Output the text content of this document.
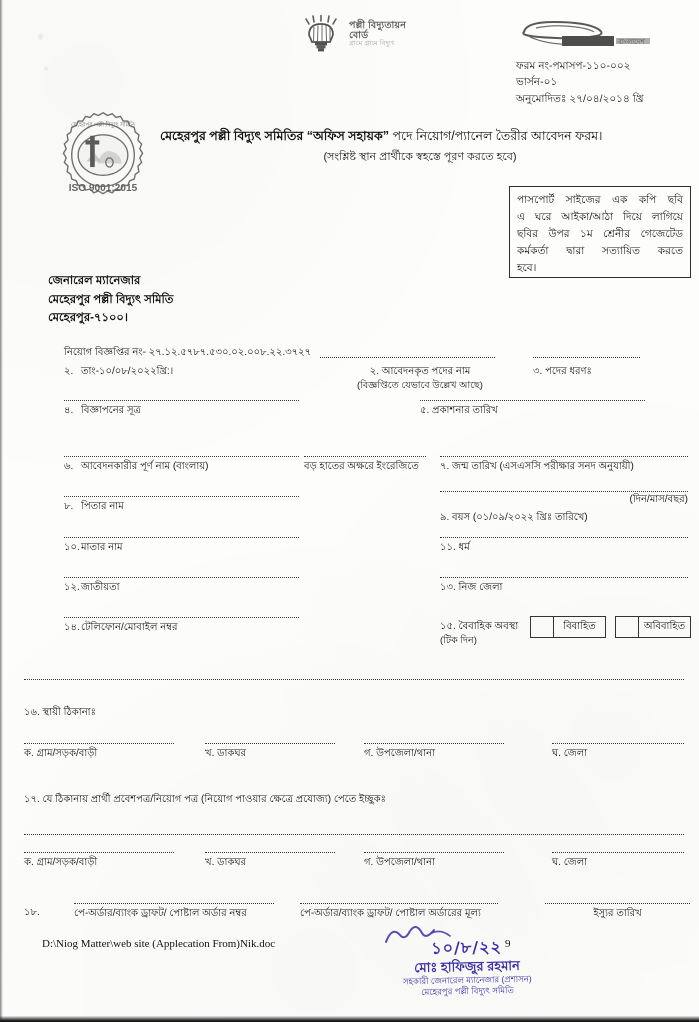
পল্লী বিদ্যুতায়ন
বোর্ড
গ্রামে গ্রামে বিদ্যুৎ	বাংলাদেশ
ফরম নং-পমাসপ-১১০-০০২
ভার্সন-০১
অনুমোদিতঃ ২৭/০৪/২০১৪ খ্রি
মেহেরপুর পল্লী বিদ্যুৎ সমিতি
ISO 9001:2015
মেহেরপুর পল্লী বিদ্যুৎ সমিতির “অফিস সহায়ক” পদে নিয়োগ/প্যানেল তৈরীর আবেদন ফরম।
(সংশ্লিষ্ট স্থান প্রার্থীকে স্বহস্তে পূরণ করতে হবে)
পাসপোর্ট সাইজের এক কপি ছবি
এ ঘরে আইকা/আঠা দিয়ে লাগিয়ে
ছবির উপর ১ম শ্রেনীর গেজেটেড
কর্মকর্তা দ্বারা সত্যায়িত করতে
হবে।
জেনারেল ম্যানেজার
মেহেরপুর পল্লী বিদ্যুৎ সমিতি
মেহেরপুর-৭১০০।
নিয়োগ বিজ্ঞপ্তির নং- ২৭.১২.৫৭৮৭.৫৩০.০২.০০৮.২২.৩৭২৭
২. তাং-১০/০৮/২০২২খ্রি:।	২. আবেদনকৃত পদের নাম
(বিজ্ঞপ্তিতে যেভাবে উল্লেখ আছে)
৩. পদের ধরণঃ
৪. বিজ্ঞাপনের সূত্র	৫. প্রকাশনার তারিখ
৬. আবেদনকারীর পূর্ণ নাম (বাংলায়)	বড় হাতের অক্ষরে ইংরেজিতে	৭. জন্ম তারিখ (এসএসসি পরীক্ষার সনদ অনুযায়ী)
৮. পিতার নাম
(দিন/মাস/বছর)
৯. বয়স (০১/০৯/২০২২ খ্রিঃ তারিখে)
১০.মাতার নাম	১১. ধর্ম
১২.জাতীয়তা	১৩. নিজ জেলা
১৪.টেলিফোন/মোবাইল নম্বর	১৫. বৈবাহিক অবস্থা
(টিক দিন)
বিবাহিত	অবিবাহিত
১৬. স্থায়ী ঠিকানাঃ
ক. গ্রাম/সড়ক/বাড়ী	খ. ডাকঘর	গ. উপজেলা/থানা	ঘ. জেলা
১৭. যে ঠিকানায় প্রার্থী প্রবেশপত্র/নিয়োগ পত্র (নিয়োগ পাওয়ার ক্ষেত্রে প্রযোজ্য) পেতে ইচ্ছুকঃ
ক. গ্রাম/সড়ক/বাড়ী	খ. ডাকঘর	গ. উপজেলা/থানা	ঘ. জেলা
১৮.	পে-অর্ডার/ব্যাংক ড্রাফট/ পোষ্টাল অর্ডার নম্বর	পে-অর্ডার/ব্যাংক ড্রাফট/ পোষ্টাল অর্ডারের মূল্য	ইস্যুর তারিখ
D:\Niog Matter\web site (Applecation From)Nik.doc	9
১০/৮/২২
মোঃ হাফিজুর রহমান
সহকারী জেনারেল ম্যানেজার (প্রশাসন)
মেহেরপুর পল্লী বিদ্যুৎ সমিতি
